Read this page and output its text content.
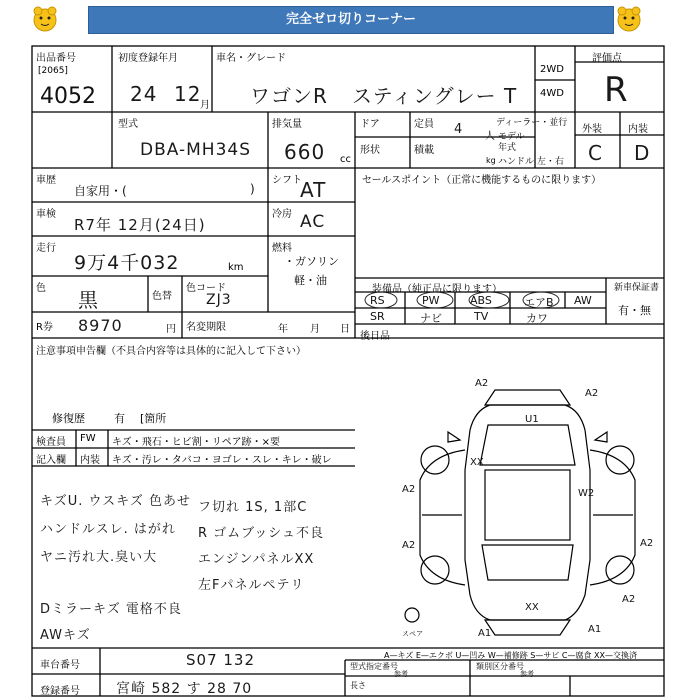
完全ゼロ切りコーナー
出品番号
[2065]
4052
初度登録年月
24 12
月
車名・グレード
ワゴンR スティングレー T
2WD
4WD
評価点
R
外装	内装
C D
型式
DBA-MH34S
排気量
660 cc
ドア
形状
定員 4 人
積載
kg
ディーラー・並行
モデル
年式
ハンドル 左・右
車歴
自家用・(	)
車検
R7年 12月(24日)
走行
9万4千032	km
色 黒	色替
色コード
ZJ3
シフト
AT
冷房 AC
燃料
・ガソリン
軽・油
R券 8970	円 名変期限	年 月 日
セールスポイント（正常に機能するものに限ります）
装備品（純正品に限ります）	新車保証書
有・無
RS	PW	ABS	エアB AW
SR	ナビ	TV	カワ
後日品
注意事項申告欄（不具合内容等は具体的に記入して下さい）
修復歴	有 [箇所
検査員 FW キズ・飛石・ヒビ割・リペア跡・×要
記入欄 内装 キズ・汚レ・タバコ・ヨゴレ・スレ・キレ・破レ
キズU. ウスキズ 色あせ
ハンドルスレ. はがれ
ヤニ汚れ大.臭い大
Dミラーキズ 電格不良
AWキズ
フ切れ 1S, 1部C
R ゴムブッシュ不良
エンジンパネルXX
左Fパネルペテリ
A2
A2
U1
XX
A2	W2
A2	A2
XX
A2
A1	A1
スペア
A—キズ E—エクボ U—凹み W—補修跡 S—サビ C—腐食 XX—交換済
車台番号	S07 132
登録番号	宮崎 582 す 28 70
型式指定番号
参考
類別区分番号
参考
長さ
